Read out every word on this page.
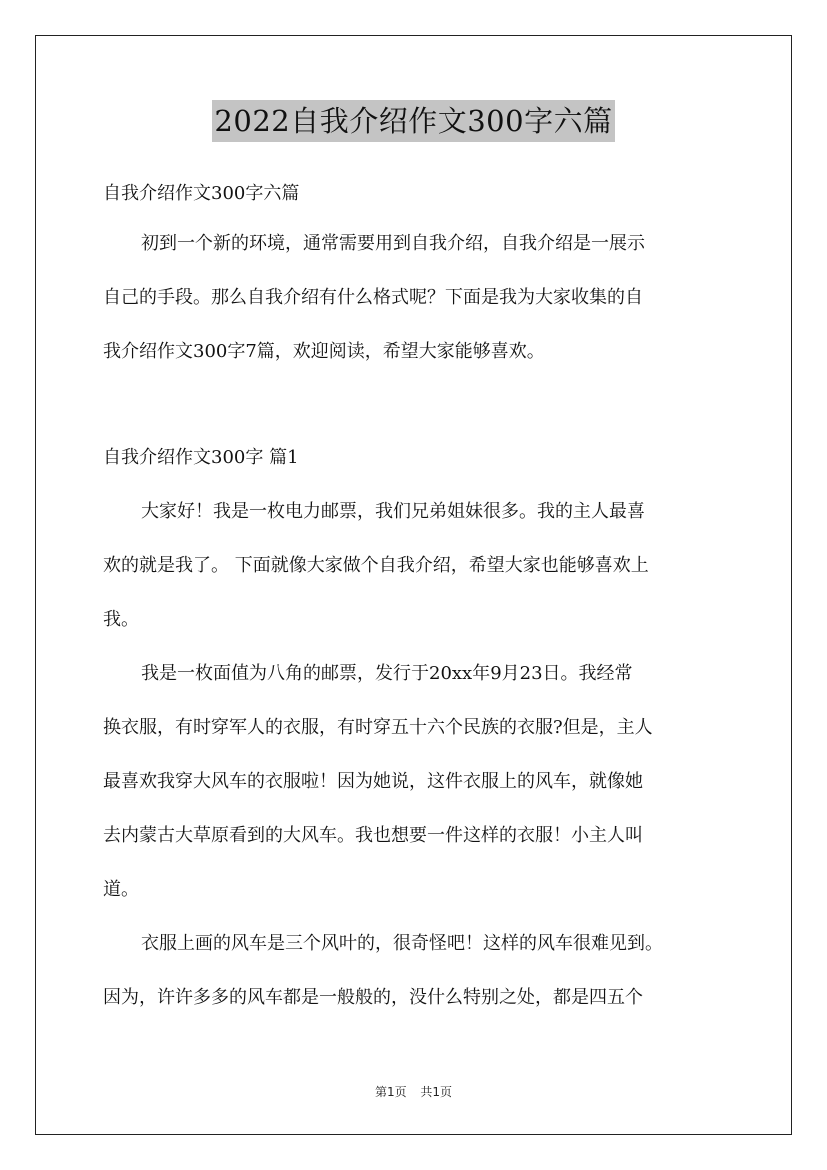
2022自我介绍作文300字六篇
自我介绍作文300字六篇
初到一个新的环境，通常需要用到自我介绍，自我介绍是一展示
自己的手段。那么自我介绍有什么格式呢？下面是我为大家收集的自
我介绍作文300字7篇，欢迎阅读，希望大家能够喜欢。
自我介绍作文300字 篇1
大家好！我是一枚电力邮票，我们兄弟姐妹很多。我的主人最喜
欢的就是我了。 下面就像大家做个自我介绍，希望大家也能够喜欢上
我。
我是一枚面值为八角的邮票，发行于20xx年9月23日。我经常
换衣服，有时穿军人的衣服，有时穿五十六个民族的衣服?但是，主人
最喜欢我穿大风车的衣服啦！因为她说，这件衣服上的风车，就像她
去内蒙古大草原看到的大风车。我也想要一件这样的衣服！小主人叫
道。
衣服上画的风车是三个风叶的，很奇怪吧！这样的风车很难见到。
因为，许许多多的风车都是一般般的，没什么特别之处，都是四五个
第1页 共1页
